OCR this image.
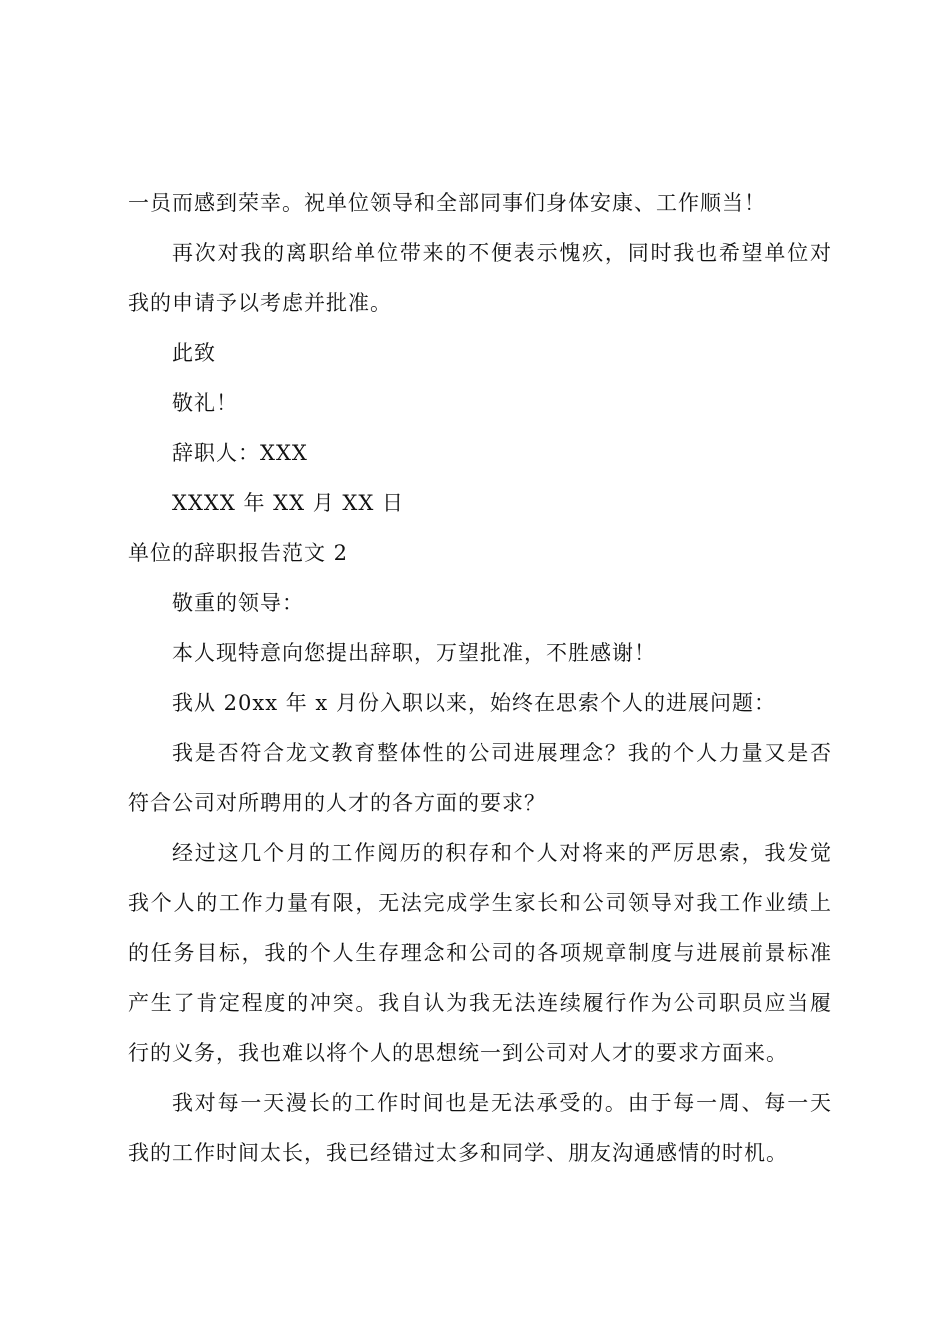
一员而感到荣幸。祝单位领导和全部同事们身体安康、工作顺当！
再次对我的离职给单位带来的不便表示愧疚，同时我也希望单位对
我的申请予以考虑并批准。
此致
敬礼！
辞职人：XXX
XXXX 年 XX 月 XX 日
单位的辞职报告范文 2
敬重的领导：
本人现特意向您提出辞职，万望批准，不胜感谢！
我从 20xx 年 x 月份入职以来，始终在思索个人的进展问题：
我是否符合龙文教育整体性的公司进展理念？我的个人力量又是否
符合公司对所聘用的人才的各方面的要求？
经过这几个月的工作阅历的积存和个人对将来的严厉思索，我发觉
我个人的工作力量有限，无法完成学生家长和公司领导对我工作业绩上
的任务目标，我的个人生存理念和公司的各项规章制度与进展前景标准
产生了肯定程度的冲突。我自认为我无法连续履行作为公司职员应当履
行的义务，我也难以将个人的思想统一到公司对人才的要求方面来。
我对每一天漫长的工作时间也是无法承受的。由于每一周、每一天
我的工作时间太长，我已经错过太多和同学、朋友沟通感情的时机。
